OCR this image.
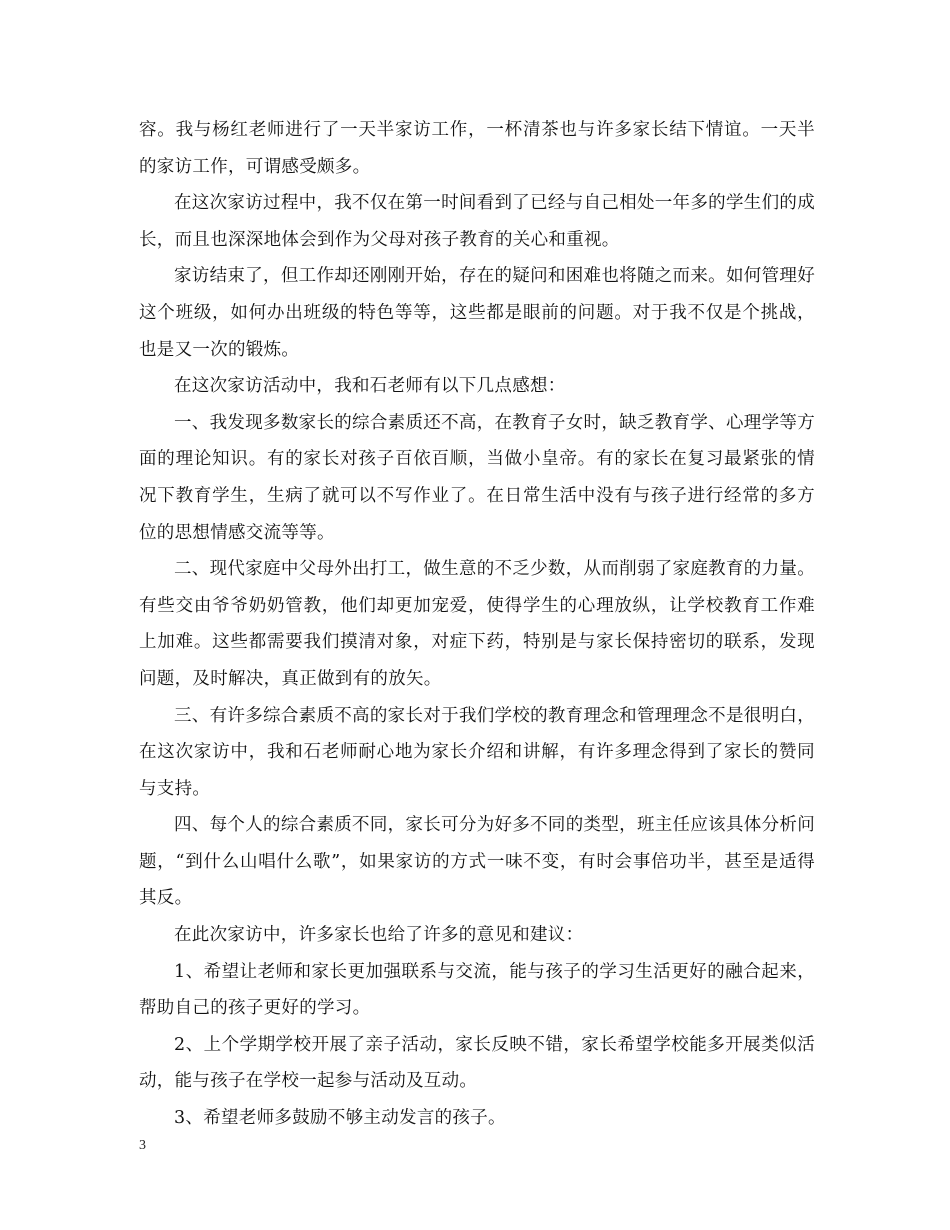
容。我与杨红老师进行了一天半家访工作，一杯清茶也与许多家长结下情谊。一天半的家访工作，可谓感受颇多。

在这次家访过程中，我不仅在第一时间看到了已经与自己相处一年多的学生们的成长，而且也深深地体会到作为父母对孩子教育的关心和重视。

家访结束了，但工作却还刚刚开始，存在的疑问和困难也将随之而来。如何管理好这个班级，如何办出班级的特色等等，这些都是眼前的问题。对于我不仅是个挑战，也是又一次的锻炼。

在这次家访活动中，我和石老师有以下几点感想：

一、我发现多数家长的综合素质还不高，在教育子女时，缺乏教育学、心理学等方面的理论知识。有的家长对孩子百依百顺，当做小皇帝。有的家长在复习最紧张的情况下教育学生，生病了就可以不写作业了。在日常生活中没有与孩子进行经常的多方位的思想情感交流等等。

二、现代家庭中父母外出打工，做生意的不乏少数，从而削弱了家庭教育的力量。有些交由爷爷奶奶管教，他们却更加宠爱，使得学生的心理放纵，让学校教育工作难上加难。这些都需要我们摸清对象，对症下药，特别是与家长保持密切的联系，发现问题，及时解决，真正做到有的放矢。

三、有许多综合素质不高的家长对于我们学校的教育理念和管理理念不是很明白，在这次家访中，我和石老师耐心地为家长介绍和讲解，有许多理念得到了家长的赞同与支持。

四、每个人的综合素质不同，家长可分为好多不同的类型，班主任应该具体分析问题，“到什么山唱什么歌”，如果家访的方式一味不变，有时会事倍功半，甚至是适得其反。

在此次家访中，许多家长也给了许多的意见和建议：

1、希望让老师和家长更加强联系与交流，能与孩子的学习生活更好的融合起来，帮助自己的孩子更好的学习。

2、上个学期学校开展了亲子活动，家长反映不错，家长希望学校能多开展类似活动，能与孩子在学校一起参与活动及互动。

3、希望老师多鼓励不够主动发言的孩子。

3
